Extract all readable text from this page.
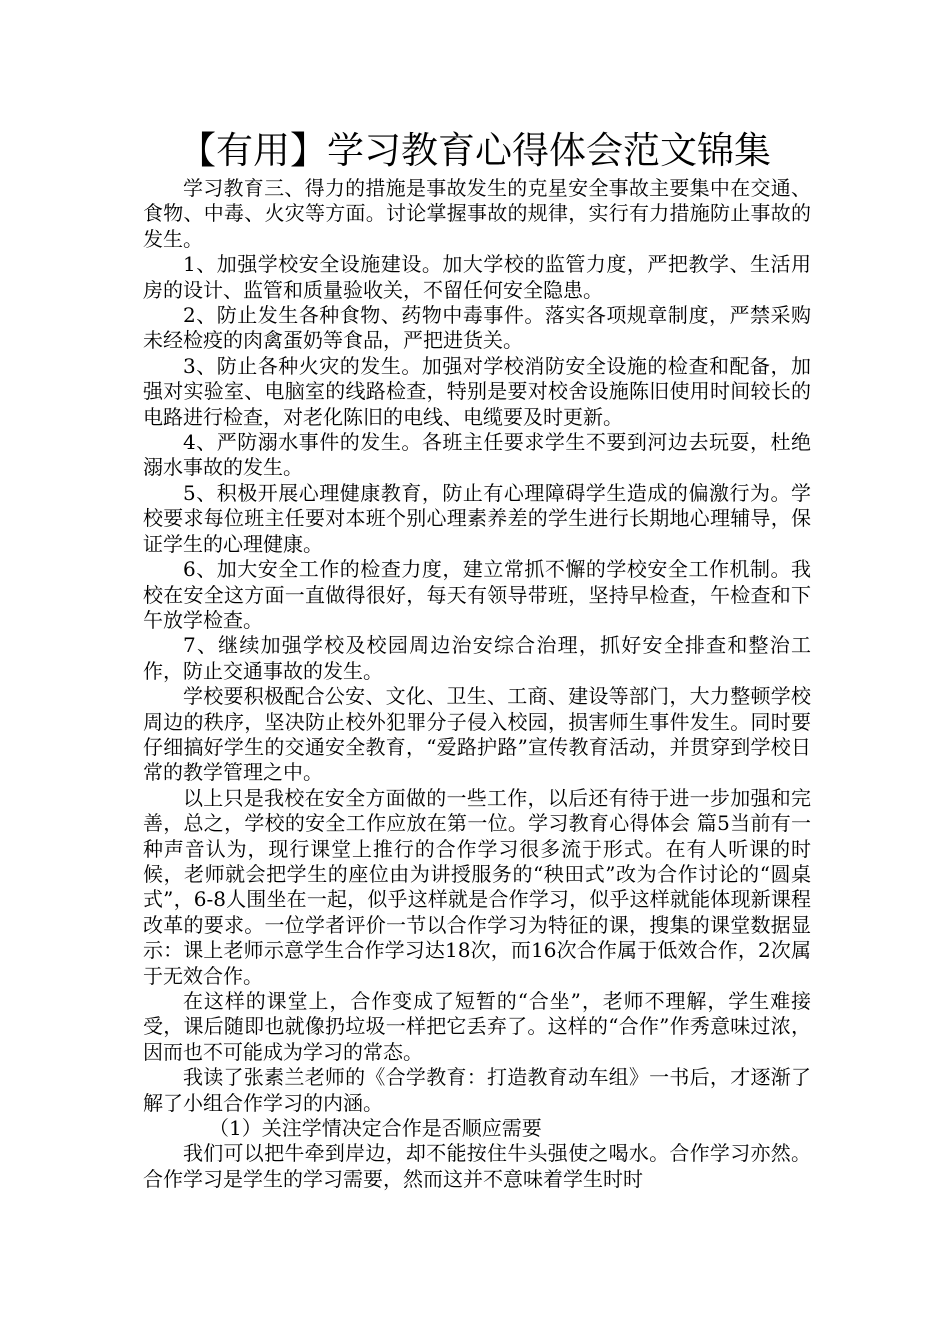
【有用】学习教育心得体会范文锦集

学习教育三、得力的措施是事故发生的克星安全事故主要集中在交通、食物、中毒、火灾等方面。讨论掌握事故的规律，实行有力措施防止事故的发生。

1、加强学校安全设施建设。加大学校的监管力度，严把教学、生活用房的设计、监管和质量验收关，不留任何安全隐患。

2、防止发生各种食物、药物中毒事件。落实各项规章制度，严禁采购未经检疫的肉禽蛋奶等食品，严把进货关。

3、防止各种火灾的发生。加强对学校消防安全设施的检查和配备，加强对实验室、电脑室的线路检查，特别是要对校舍设施陈旧使用时间较长的电路进行检查，对老化陈旧的电线、电缆要及时更新。

4、严防溺水事件的发生。各班主任要求学生不要到河边去玩耍，杜绝溺水事故的发生。

5、积极开展心理健康教育，防止有心理障碍学生造成的偏激行为。学校要求每位班主任要对本班个别心理素养差的学生进行长期地心理辅导，保证学生的心理健康。

6、加大安全工作的检查力度，建立常抓不懈的学校安全工作机制。我校在安全这方面一直做得很好，每天有领导带班，坚持早检查，午检查和下午放学检查。

7、继续加强学校及校园周边治安综合治理，抓好安全排查和整治工作，防止交通事故的发生。

学校要积极配合公安、文化、卫生、工商、建设等部门，大力整顿学校周边的秩序，坚决防止校外犯罪分子侵入校园，损害师生事件发生。同时要仔细搞好学生的交通安全教育，“爱路护路”宣传教育活动，并贯穿到学校日常的教学管理之中。

以上只是我校在安全方面做的一些工作，以后还有待于进一步加强和完善，总之，学校的安全工作应放在第一位。学习教育心得体会 篇5当前有一种声音认为，现行课堂上推行的合作学习很多流于形式。在有人听课的时候，老师就会把学生的座位由为讲授服务的“秧田式”改为合作讨论的“圆桌式”，6-8人围坐在一起，似乎这样就是合作学习，似乎这样就能体现新课程改革的要求。一位学者评价一节以合作学习为特征的课，搜集的课堂数据显示：课上老师示意学生合作学习达18次，而16次合作属于低效合作，2次属于无效合作。

在这样的课堂上，合作变成了短暂的“合坐”，老师不理解，学生难接受，课后随即也就像扔垃圾一样把它丢弃了。这样的“合作”作秀意味过浓，因而也不可能成为学习的常态。

我读了张素兰老师的《合学教育：打造教育动车组》一书后，才逐渐了解了小组合作学习的内涵。

（1）关注学情决定合作是否顺应需要

我们可以把牛牵到岸边，却不能按住牛头强使之喝水。合作学习亦然。合作学习是学生的学习需要，然而这并不意味着学生时时
